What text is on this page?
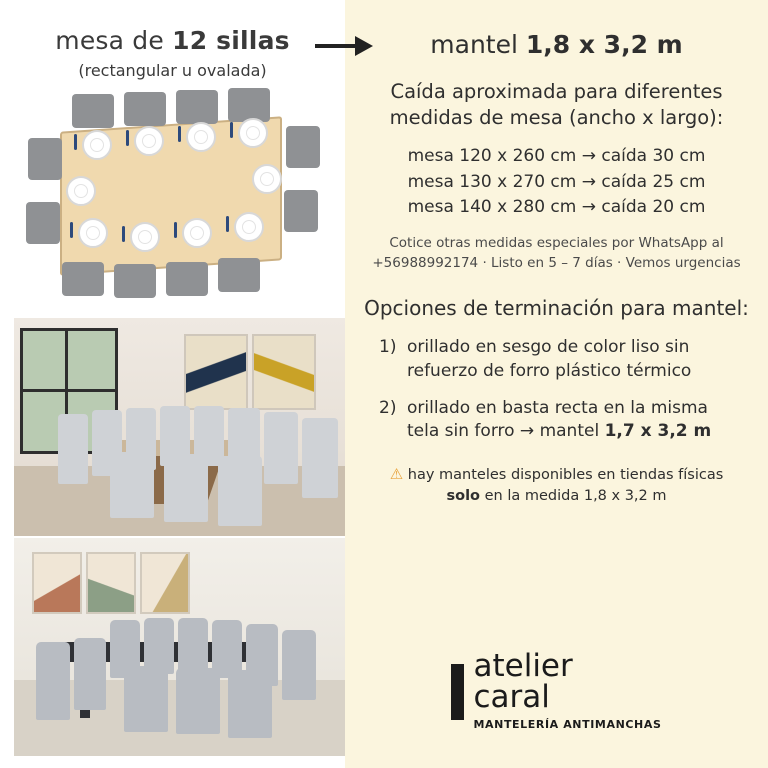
mesa de 12 sillas
(rectangular u ovalada)
mantel 1,8 x 3,2 m
Caída aproximada para diferentes medidas de mesa (ancho x largo):
mesa 120 x 260 cm → caída 30 cm
mesa 130 x 270 cm → caída 25 cm
mesa 140 x 280 cm → caída 20 cm
Cotice otras medidas especiales por WhatsApp al
+56988992174 · Listo en 5 – 7 días · Vemos urgencias
Opciones de terminación para mantel:
1) orillado en sesgo de color liso sin refuerzo de forro plástico térmico
2) orillado en basta recta en la misma tela sin forro → mantel 1,7 x 3,2 m
⚠ hay manteles disponibles en tiendas físicas solo en la medida 1,8 x 3,2 m
atelier
caral
MANTELERÍA ANTIMANCHAS
